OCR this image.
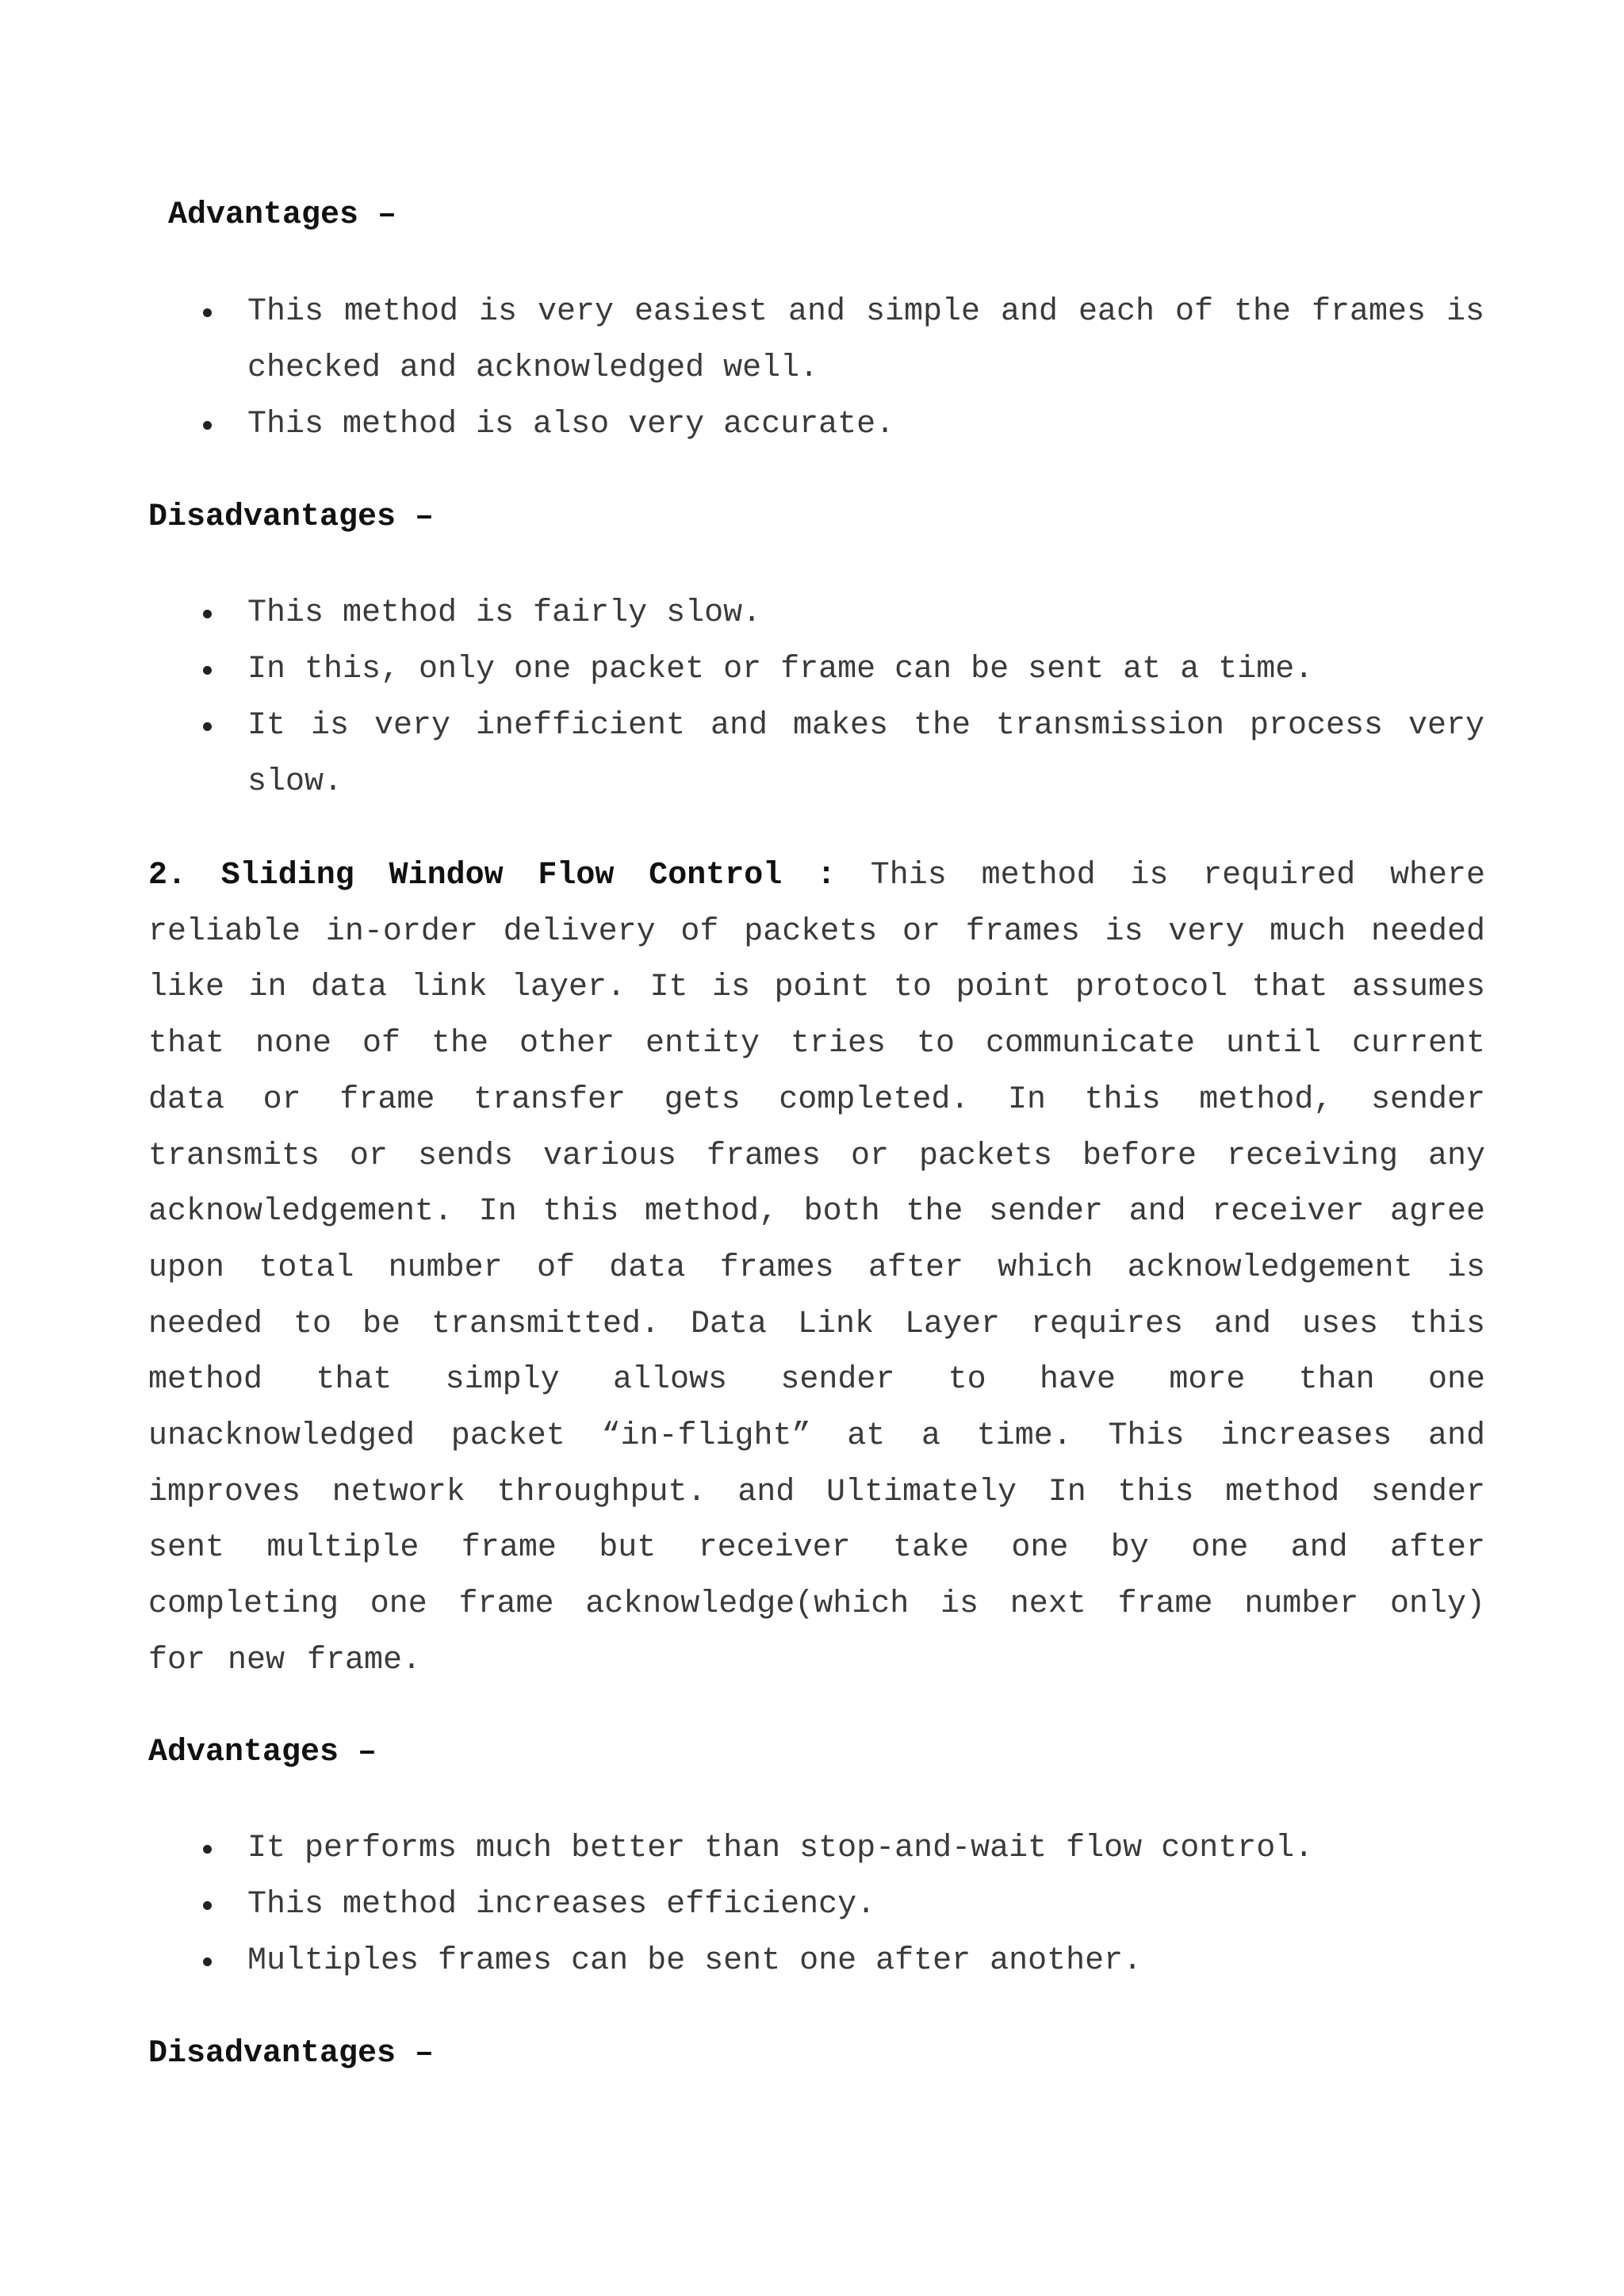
Advantages –
This method is very easiest and simple and each of the frames is checked and acknowledged well.
This method is also very accurate.
Disadvantages –
This method is fairly slow.
In this, only one packet or frame can be sent at a time.
It is very inefficient and makes the transmission process very slow.

2. Sliding Window Flow Control : This method is required where reliable in-order delivery of packets or frames is very much needed like in data link layer. It is point to point protocol that assumes that none of the other entity tries to communicate until current data or frame transfer gets completed. In this method, sender transmits or sends various frames or packets before receiving any acknowledgement. In this method, both the sender and receiver agree upon total number of data frames after which acknowledgement is needed to be transmitted. Data Link Layer requires and uses this method that simply allows sender to have more than one unacknowledged packet “in-flight” at a time. This increases and improves network throughput. and Ultimately In this method sender sent multiple frame but receiver take one by one and after completing one frame acknowledge(which is next frame number only) for new frame.

Advantages –
It performs much better than stop-and-wait flow control.
This method increases efficiency.
Multiples frames can be sent one after another.
Disadvantages –
